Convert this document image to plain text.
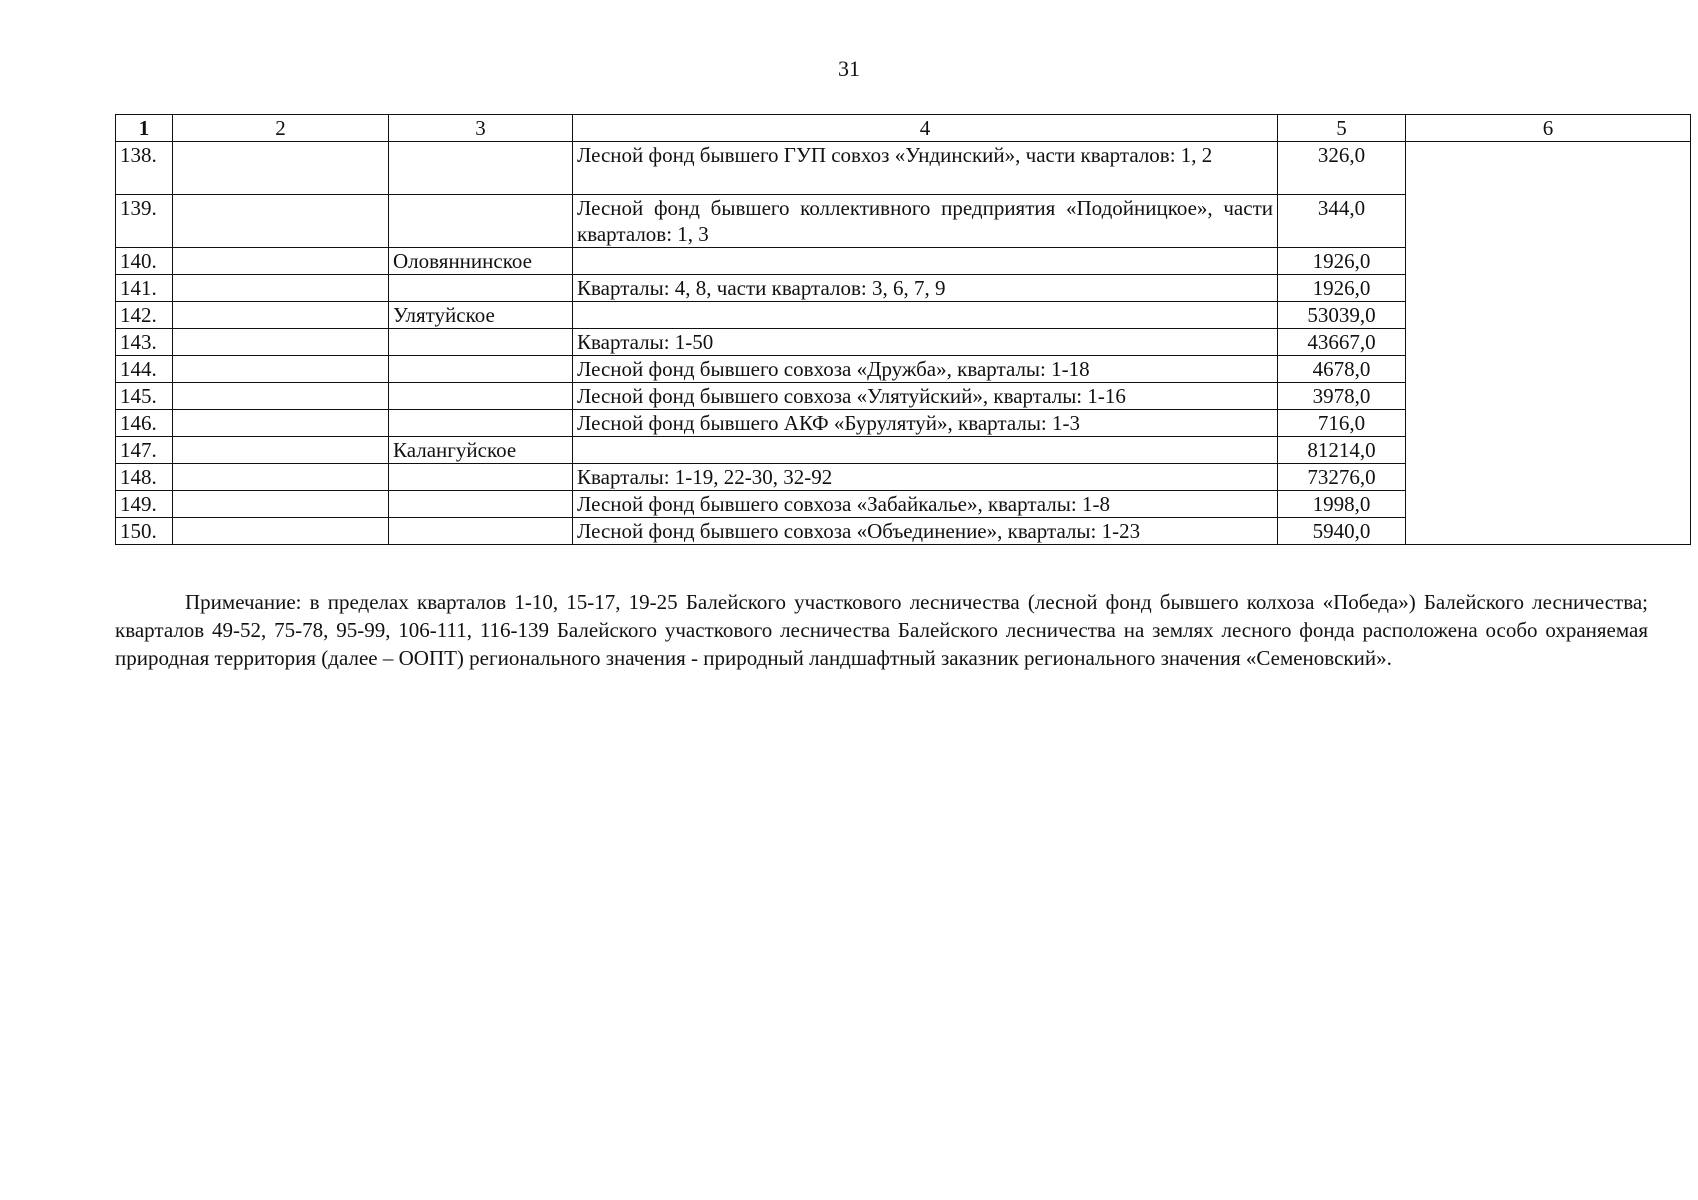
31
1	2	3	4	5	6
138.			Лесной фонд бывшего ГУП совхоз «Ундинский», части кварталов: 1, 2	326,0	
139.			Лесной фонд бывшего коллективного предприятия «Подойницкое», части кварталов: 1, 3	344,0	
140.		Оловяннинское		1926,0	
141.			Кварталы: 4, 8, части кварталов: 3, 6, 7, 9	1926,0	
142.		Улятуйское		53039,0	
143.			Кварталы: 1-50	43667,0	
144.			Лесной фонд бывшего совхоза «Дружба», кварталы: 1-18	4678,0	
145.			Лесной фонд бывшего совхоза «Улятуйский», кварталы: 1-16	3978,0	
146.			Лесной фонд бывшего АКФ «Бурулятуй», кварталы: 1-3	716,0	
147.		Калангуйское		81214,0	
148.			Кварталы: 1-19, 22-30, 32-92	73276,0	
149.			Лесной фонд бывшего совхоза «Забайкалье», кварталы: 1-8	1998,0	
150.			Лесной фонд бывшего совхоза «Объединение», кварталы: 1-23	5940,0	
Примечание: в пределах кварталов 1-10, 15-17, 19-25 Балейского участкового лесничества (лесной фонд бывшего колхоза «Победа») Балейского лесничества; кварталов 49-52, 75-78, 95-99, 106-111, 116-139 Балейского участкового лесничества Балейского лесничества на землях лесного фонда расположена особо охраняемая природная территория (далее – ООПТ) регионального значения - природный ландшафтный заказник регионального значения «Семеновский».
